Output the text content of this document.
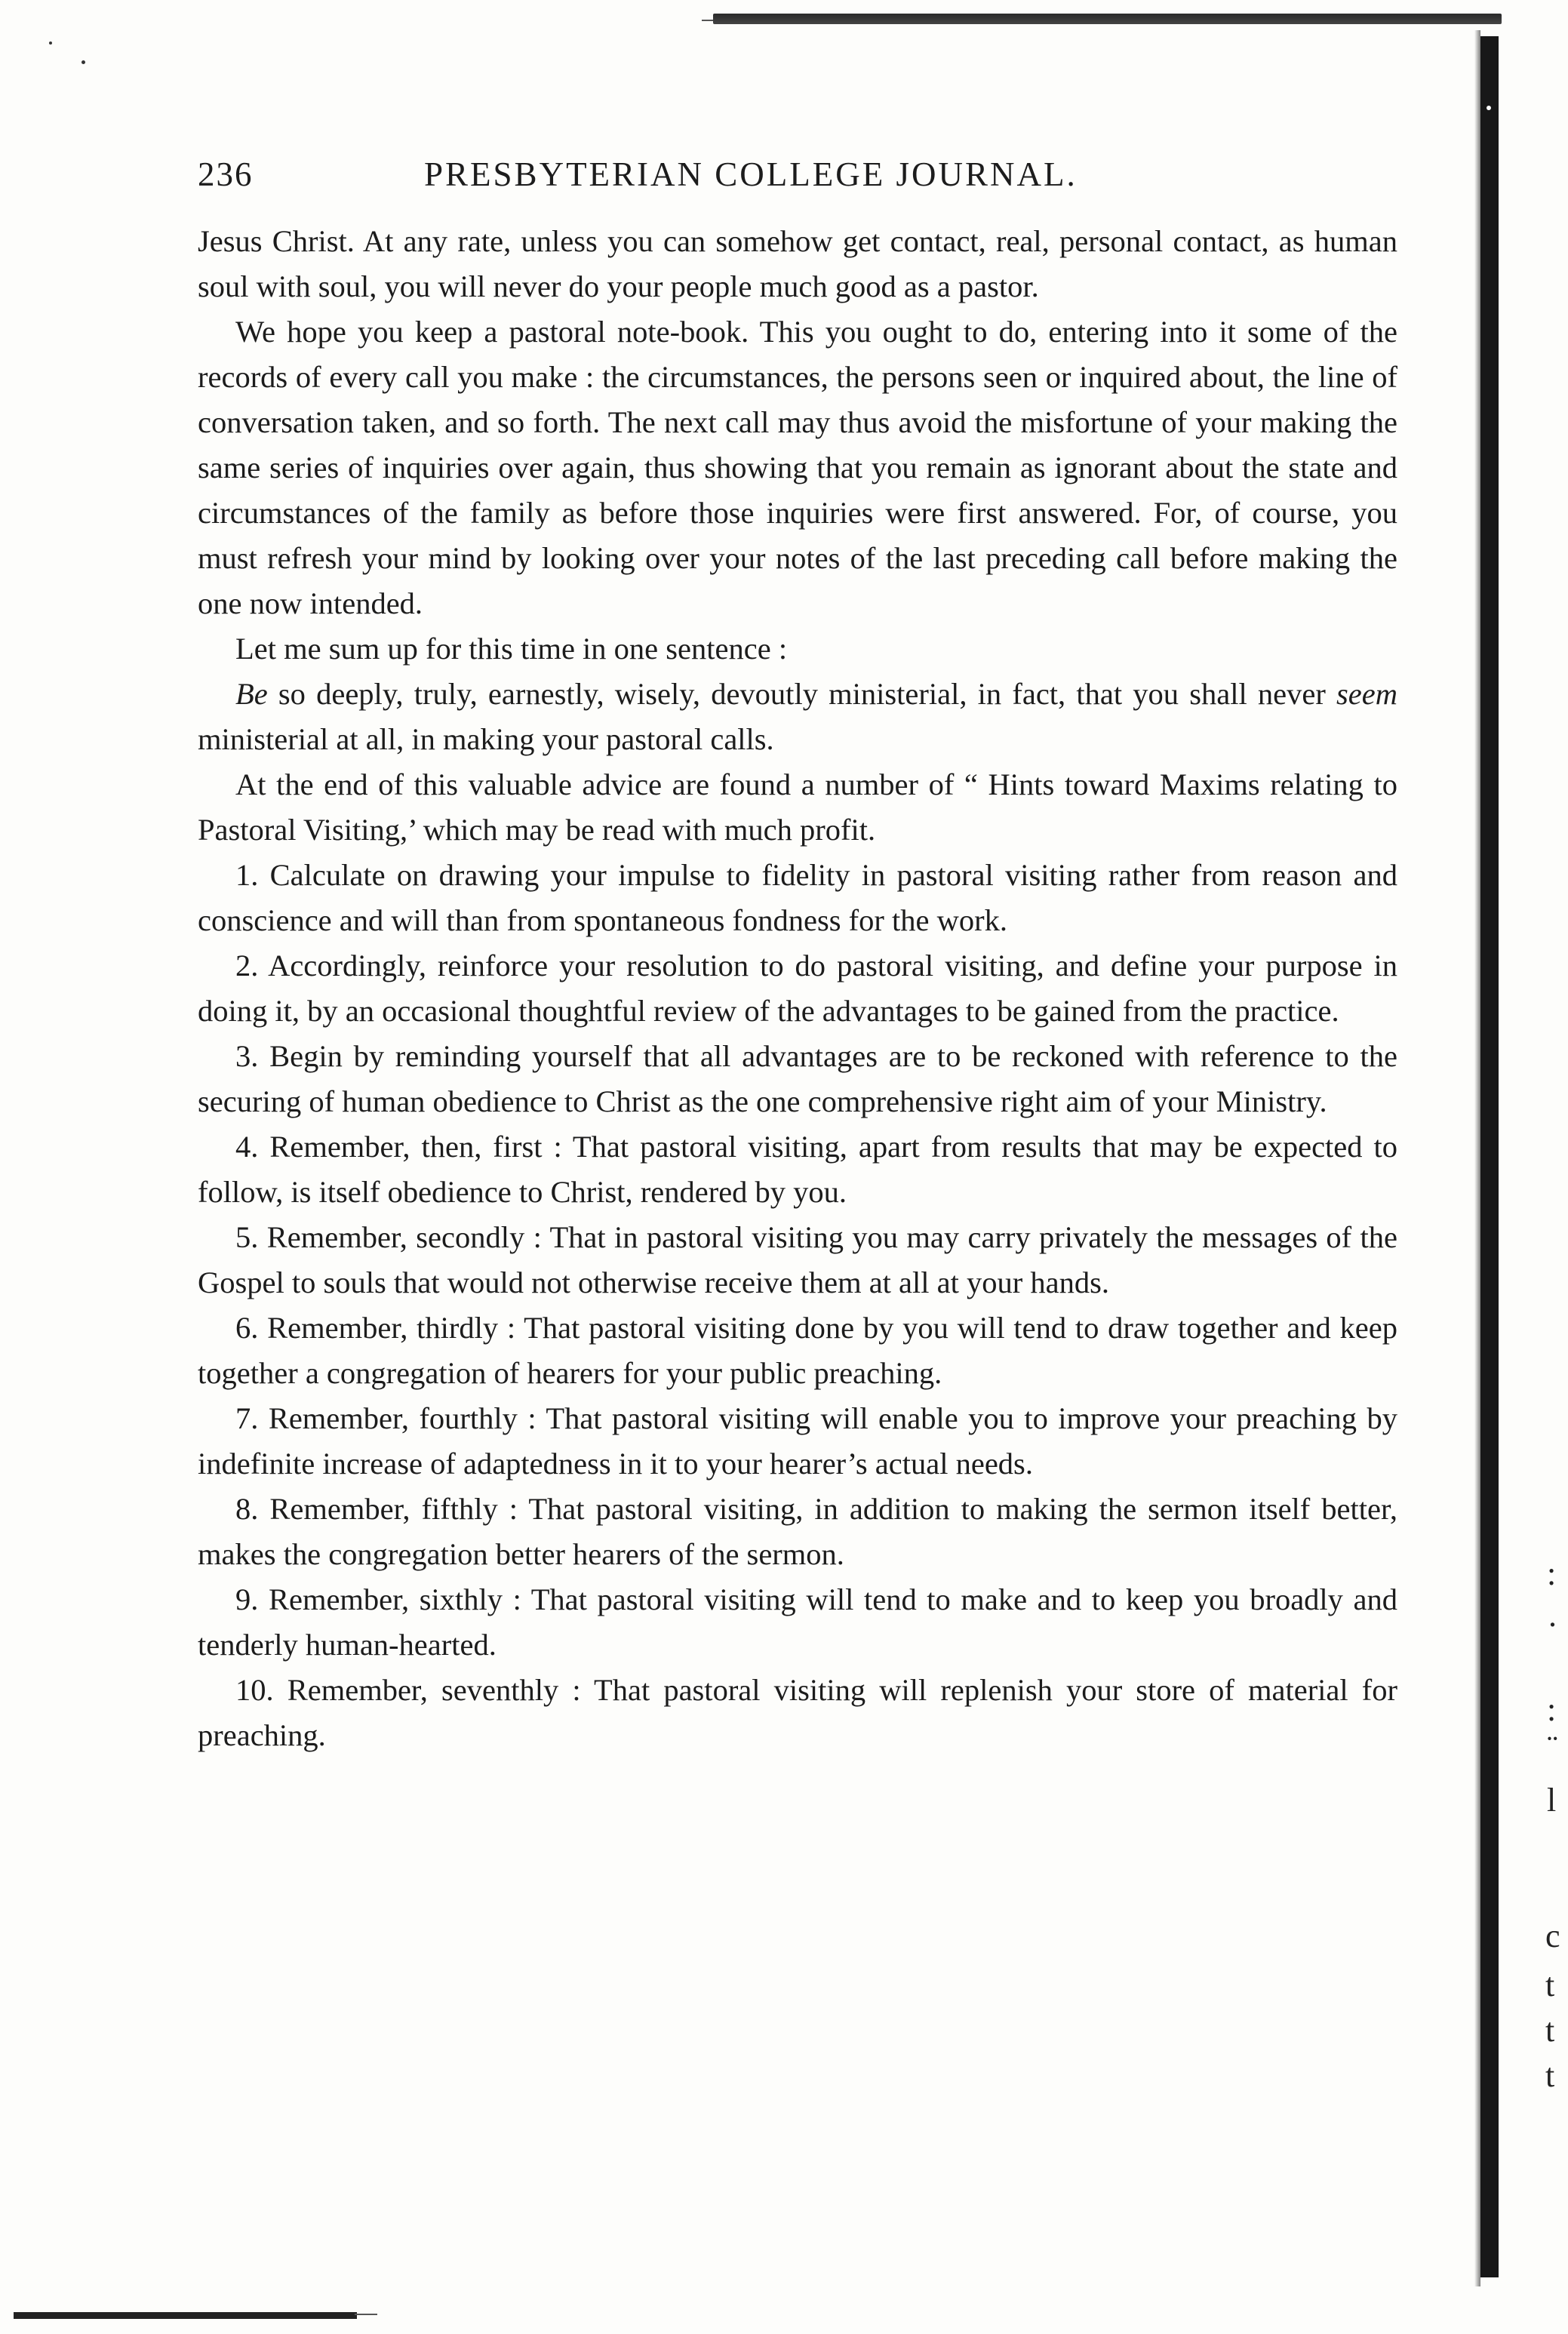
236	PRESBYTERIAN COLLEGE JOURNAL.

Jesus Christ. At any rate, unless you can somehow get contact, real, personal contact, as human soul with soul, you will never do your people much good as a pastor.

We hope you keep a pastoral note-book. This you ought to do, entering into it some of the records of every call you make : the circumstances, the persons seen or inquired about, the line of conversation taken, and so forth. The next call may thus avoid the misfortune of your making the same series of inquiries over again, thus showing that you remain as ignorant about the state and circumstances of the family as before those inquiries were first answered. For, of course, you must refresh your mind by looking over your notes of the last preceding call before making the one now intended.

Let me sum up for this time in one sentence :

Be so deeply, truly, earnestly, wisely, devoutly ministerial, in fact, that you shall never seem ministerial at all, in making your pastoral calls.

At the end of this valuable advice are found a number of “ Hints toward Maxims relating to Pastoral Visiting,’ which may be read with much profit.

1. Calculate on drawing your impulse to fidelity in pastoral visiting rather from reason and conscience and will than from spontaneous fondness for the work.

2. Accordingly, reinforce your resolution to do pastoral visiting, and define your purpose in doing it, by an occasional thoughtful review of the advantages to be gained from the practice.

3. Begin by reminding yourself that all advantages are to be reckoned with reference to the securing of human obedience to Christ as the one comprehensive right aim of your Ministry.

4. Remember, then, first : That pastoral visiting, apart from results that may be expected to follow, is itself obedience to Christ, rendered by you.

5. Remember, secondly : That in pastoral visiting you may carry privately the messages of the Gospel to souls that would not otherwise receive them at all at your hands.

6. Remember, thirdly : That pastoral visiting done by you will tend to draw together and keep together a congregation of hearers for your public preaching.

7. Remember, fourthly : That pastoral visiting will enable you to improve your preaching by indefinite increase of adaptedness in it to your hearer’s actual needs.

8. Remember, fifthly : That pastoral visiting, in addition to making the sermon itself better, makes the congregation better hearers of the sermon.

9. Remember, sixthly : That pastoral visiting will tend to make and to keep you broadly and tenderly human-hearted.

10. Remember, seventhly : That pastoral visiting will replenish your store of material for preaching.

:
.
:
¨
l
c
t
t
t
